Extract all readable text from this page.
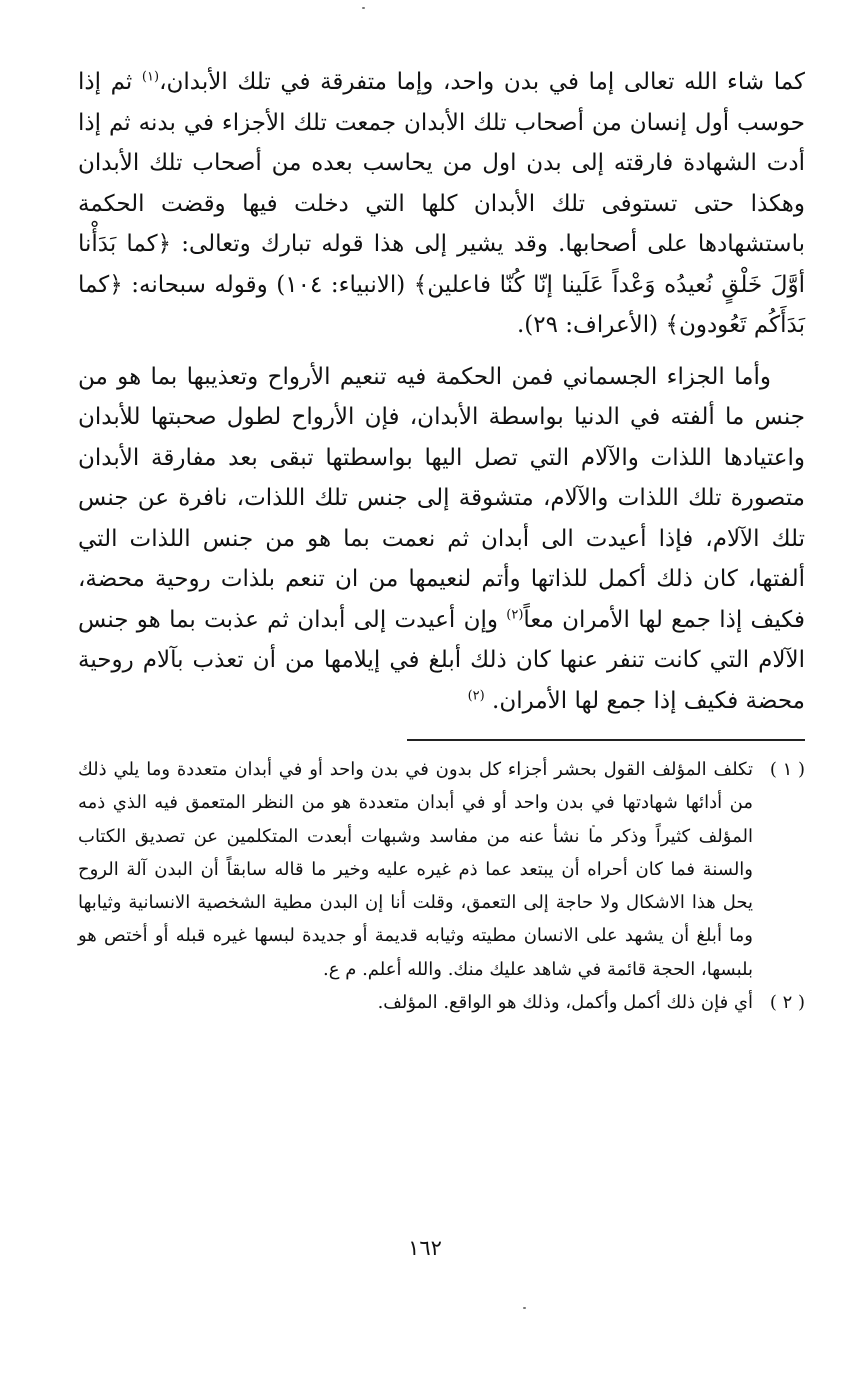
كما شاء الله تعالى إما في بدن واحد، وإما متفرقة في تلك الأبدان،$^{(١)}$ ثم إذا حوسب أول إنسان من أصحاب تلك الأبدان جمعت تلك الأجزاء في بدنه ثم إذا أدت الشهادة فارقته إلى بدن اول من يحاسب بعده من أصحاب تلك الأبدان وهكذا حتى تستوفى تلك الأبدان كلها التي دخلت فيها وقضت الحكمة باستشهادها على أصحابها. وقد يشير إلى هذا قوله تبارك وتعالى: ﴿كما بَدَأْنا أوَّلَ خَلْقٍ نُعيدُه وَعْداً عَلَينا إنّا كُنّا فاعلين﴾ (الانبياء: ١٠٤) وقوله سبحانه: ﴿كما بَدَأَكُم تَعُودون﴾ (الأعراف: ٢٩).

وأما الجزاء الجسماني فمن الحكمة فيه تنعيم الأرواح وتعذيبها بما هو من جنس ما ألفته في الدنيا بواسطة الأبدان، فإن الأرواح لطول صحبتها للأبدان واعتيادها اللذات والآلام التي تصل اليها بواسطتها تبقى بعد مفارقة الأبدان متصورة تلك اللذات والآلام، متشوقة إلى جنس تلك اللذات، نافرة عن جنس تلك الآلام، فإذا أعيدت الى أبدان ثم نعمت بما هو من جنس اللذات التي ألفتها، كان ذلك أكمل للذاتها وأتم لنعيمها من ان تنعم بلذات روحية محضة، فكيف إذا جمع لها الأمران معاً$^{(٢)}$ وإن أعيدت إلى أبدان ثم عذبت بما هو جنس الآلام التي كانت تنفر عنها كان ذلك أبلغ في إيلامها من أن تعذب بآلام روحية محضة فكيف إذا جمع لها الأمران. $^{(٢)}$

( ١ )
تكلف المؤلف القول بحشر أجزاء كل بدون في بدن واحد أو في أبدان متعددة وما يلي ذلك من أدائها شهادتها في بدن واحد أو في أبدان متعددة هو من النظر المتعمق فيه الذي ذمه المؤلف كثيراً وذكر ما نشأ عنه من مفاسد وشبهات أبعدت المتكلمين عن تصديق الكتاب والسنة فما كان أحراه أن يبتعد عما ذم غيره عليه وخير ما قاله سابقاً أن البدن آلة الروح يحل هذا الاشكال ولا حاجة إلى التعمق، وقلت أنا إن البدن مطية الشخصية الانسانية وثيابها وما أبلغ أن يشهد على الانسان مطيته وثيابه قديمة أو جديدة لبسها غيره قبله أو أختص هو بلبسها، الحجة قائمة في شاهد عليك منك. والله أعلم. م ع.
( ٢ )
أي فإن ذلك أكمل وأكمل، وذلك هو الواقع. المؤلف.
١٦٢
